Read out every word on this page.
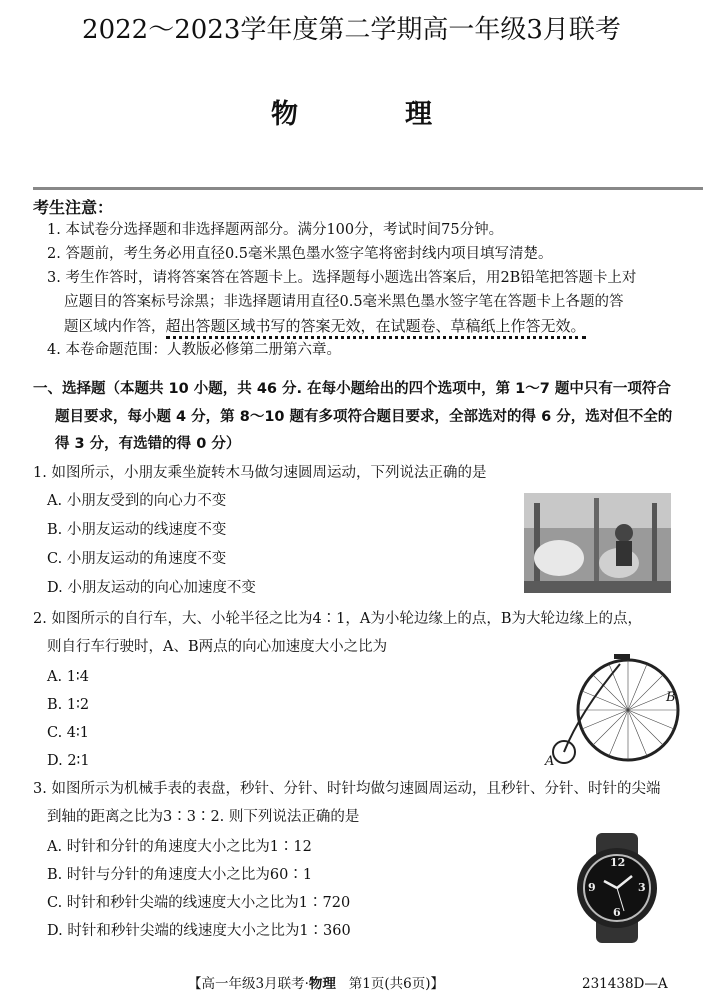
2022～2023学年度第二学期高一年级3月联考
物　理
考生注意：
1. 本试卷分选择题和非选择题两部分。满分100分，考试时间75分钟。
2. 答题前，考生务必用直径0.5毫米黑色墨水签字笔将密封线内项目填写清楚。
3. 考生作答时，请将答案答在答题卡上。选择题每小题选出答案后，用2B铅笔把答题卡上对
应题目的答案标号涂黑；非选择题请用直径0.5毫米黑色墨水签字笔在答题卡上各题的答
题区域内作答，超出答题区域书写的答案无效，在试题卷、草稿纸上作答无效。
4. 本卷命题范围：人教版必修第二册第六章。
一、选择题（本题共 10 小题，共 46 分. 在每小题给出的四个选项中，第 1～7 题中只有一项符合
题目要求，每小题 4 分，第 8～10 题有多项符合题目要求，全部选对的得 6 分，选对但不全的
得 3 分，有选错的得 0 分）
1. 如图所示，小朋友乘坐旋转木马做匀速圆周运动，下列说法正确的是
A. 小朋友受到的向心力不变
B. 小朋友运动的线速度不变
C. 小朋友运动的角速度不变
D. 小朋友运动的向心加速度不变
2. 如图所示的自行车，大、小轮半径之比为4∶1，A为小轮边缘上的点，B为大轮边缘上的点，
则自行车行驶时，A、B两点的向心加速度大小之比为
A. 1∶4
B. 1∶2
C. 4∶1
D. 2∶1
B
A
3. 如图所示为机械手表的表盘，秒针、分针、时针均做匀速圆周运动，且秒针、分针、时针的尖端
到轴的距离之比为3∶3∶2. 则下列说法正确的是
A. 时针和分针的角速度大小之比为1∶12
B. 时针与分针的角速度大小之比为60∶1
C. 时针和秒针尖端的线速度大小之比为1∶720
D. 时针和秒针尖端的线速度大小之比为1∶360
12
3
6
9
【高一年级3月联考·物理 第1页(共6页)】	231438D—A
